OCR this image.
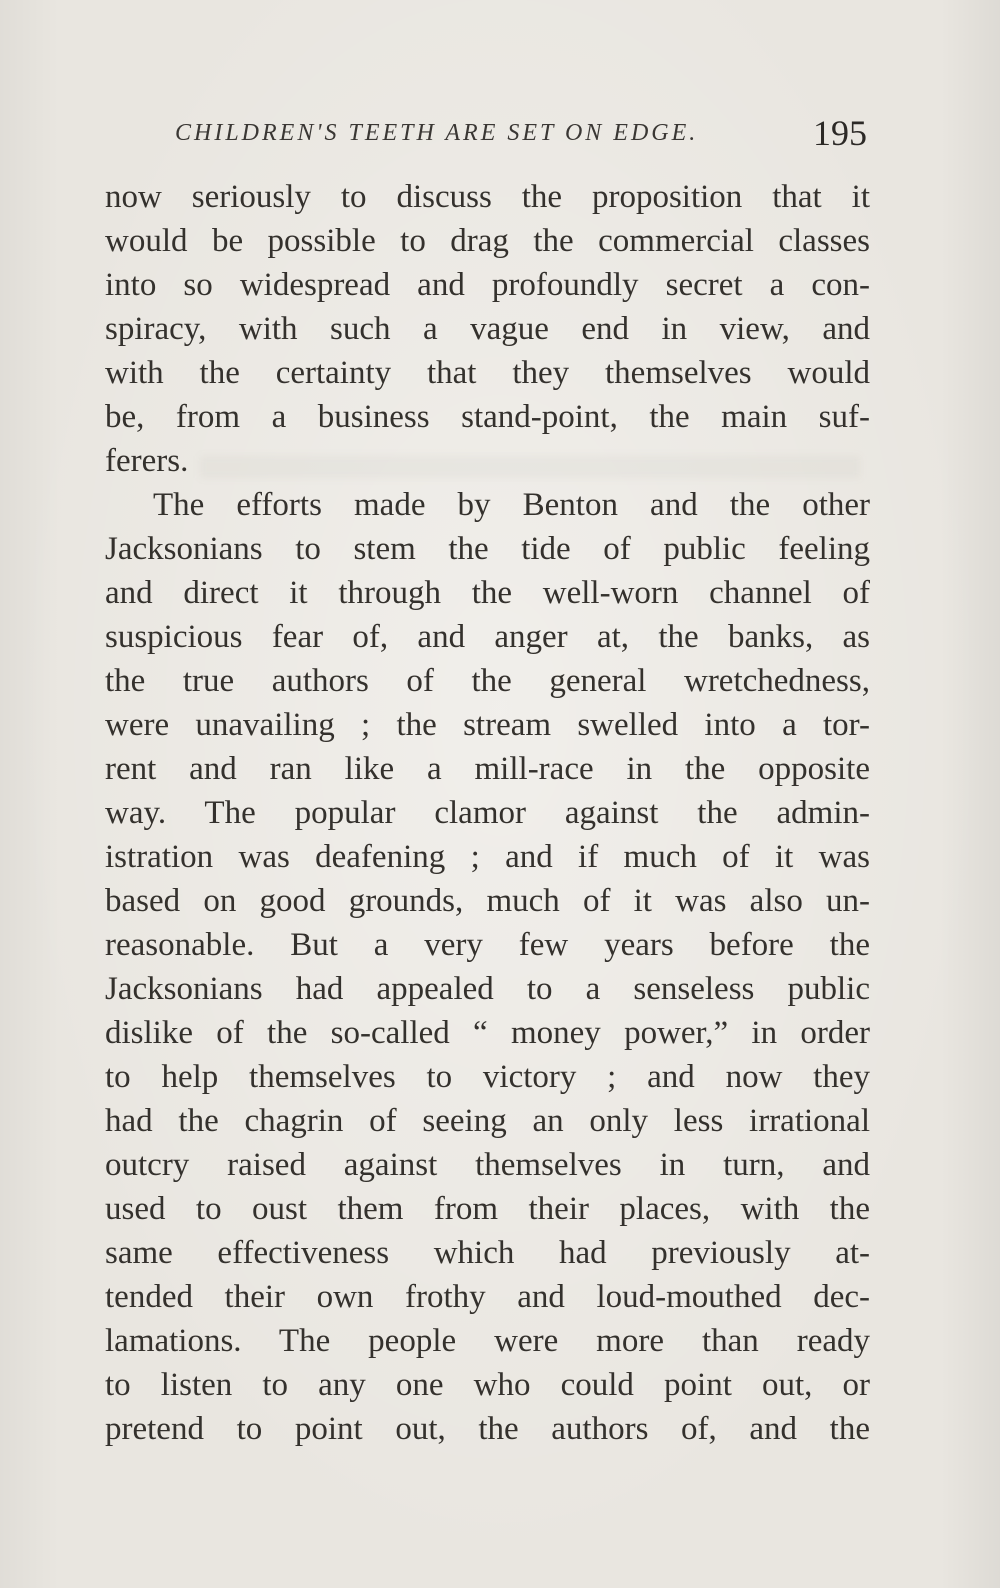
CHILDREN'S TEETH ARE SET ON EDGE.	195
now seriously to discuss the proposition that it
would be possible to drag the commercial classes
into so widespread and profoundly secret a con-
spiracy, with such a vague end in view, and
with the certainty that they themselves would
be, from a business stand-point, the main suf-
ferers.
The efforts made by Benton and the other
Jacksonians to stem the tide of public feeling
and direct it through the well-worn channel of
suspicious fear of, and anger at, the banks, as
the true authors of the general wretchedness,
were unavailing ; the stream swelled into a tor-
rent and ran like a mill-race in the opposite
way. The popular clamor against the admin-
istration was deafening ; and if much of it was
based on good grounds, much of it was also un-
reasonable. But a very few years before the
Jacksonians had appealed to a senseless public
dislike of the so-called “ money power,” in order
to help themselves to victory ; and now they
had the chagrin of seeing an only less irrational
outcry raised against themselves in turn, and
used to oust them from their places, with the
same effectiveness which had previously at-
tended their own frothy and loud-mouthed dec-
lamations. The people were more than ready
to listen to any one who could point out, or
pretend to point out, the authors of, and the
